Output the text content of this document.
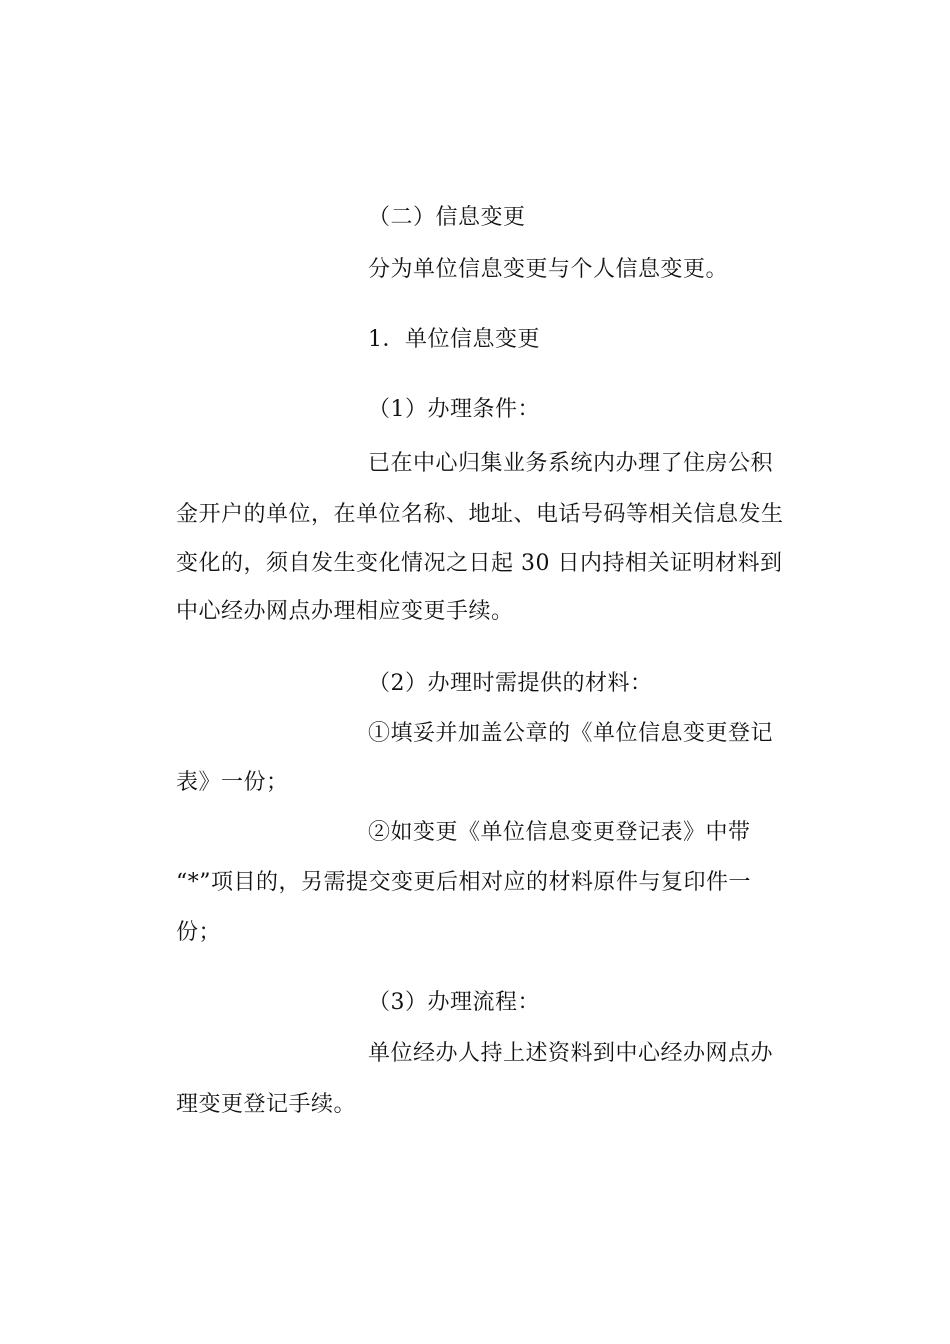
（二）信息变更

分为单位信息变更与个人信息变更。

1．单位信息变更

（1）办理条件：

已在中心归集业务系统内办理了住房公积

金开户的单位，在单位名称、地址、电话号码等相关信息发生

变化的，须自发生变化情况之日起 30 日内持相关证明材料到

中心经办网点办理相应变更手续。

（2）办理时需提供的材料：

①填妥并加盖公章的《单位信息变更登记

表》一份；

②如变更《单位信息变更登记表》中带

“*”项目的，另需提交变更后相对应的材料原件与复印件一

份；

（3）办理流程：

单位经办人持上述资料到中心经办网点办

理变更登记手续。
